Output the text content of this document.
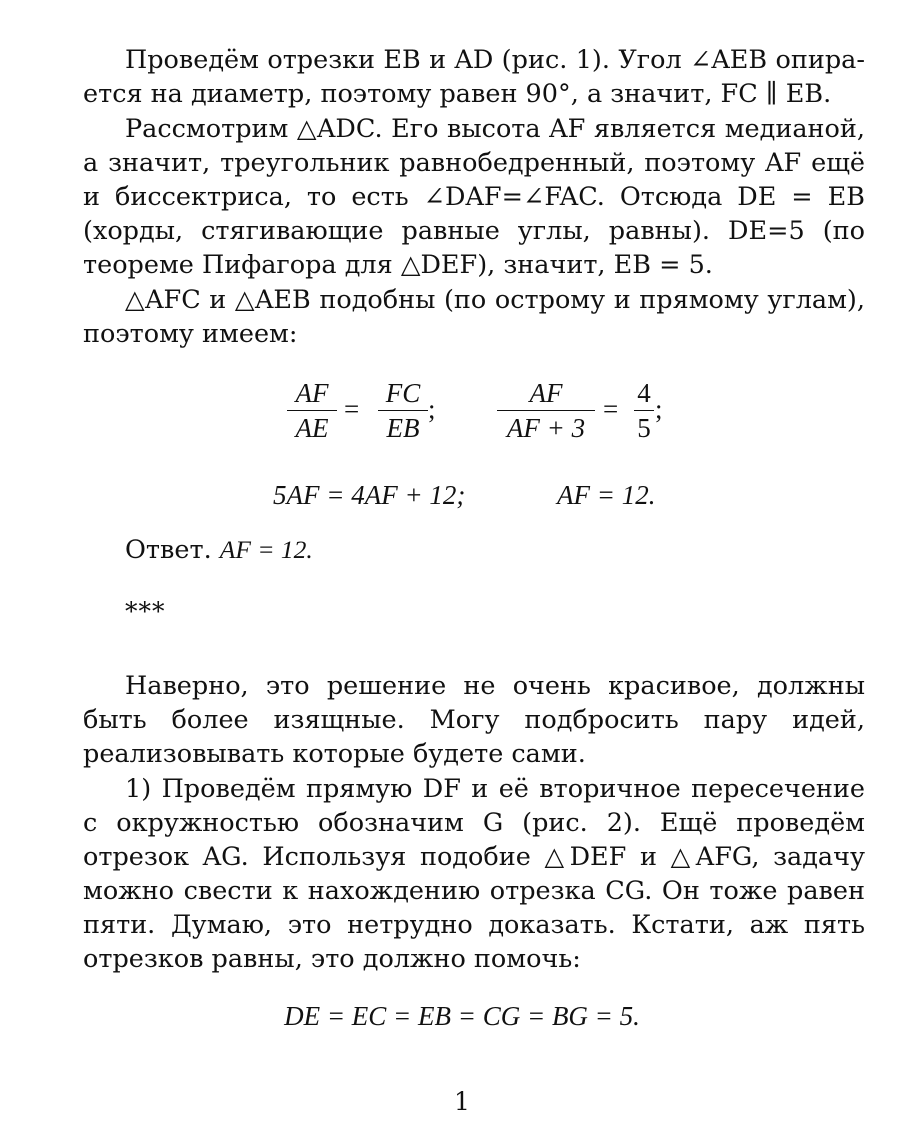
Проведём отрезки EB и AD (рис. 1). Угол ∠AEB опирается на диаметр, поэтому равен 90°, а значит, FC ∥ EB.

Рассмотрим △ADC. Его высота AF является медианой, а значит, треугольник равнобедренный, поэтому AF ещё и биссектриса, то есть ∠DAF=∠FAC. Отсюда DE = EB (хорды, стягивающие равные углы, равны). DE=5 (по теореме Пифагора для △DEF), значит, EB = 5.

△AFC и △AEB подобны (по острому и прямому углам), поэтому имеем:

AF
AE
=
FC
EB
;
AF
AF + 3
=
4
5
;
5AF = 4AF + 12;	AF = 12.
Ответ. AF = 12.
***

Наверно, это решение не очень красивое, должны быть более изящные. Могу подбросить пару идей, реализовывать которые будете сами.

1) Проведём прямую DF и её вторичное пересечение с окружностью обозначим G (рис. 2). Ещё проведём отрезок AG. Используя подобие △DEF и △AFG, задачу можно свести к нахождению отрезка CG. Он тоже равен пяти. Думаю, это нетрудно доказать. Кстати, аж пять отрезков равны, это должно помочь:

DE = EC = EB = CG = BG = 5.
1
